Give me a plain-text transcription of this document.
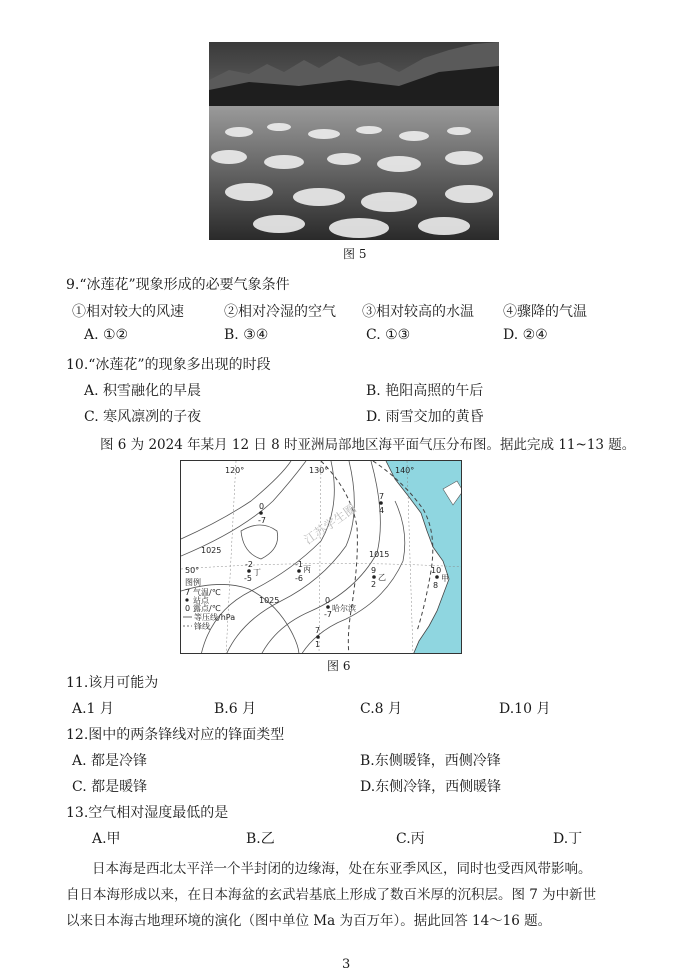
图 5
9.“冰莲花”现象形成的必要气象条件
①相对较大的风速	②相对冷湿的空气 ③相对较高的水温 ④骤降的气温
A. ①②	B. ③④	C. ①③	D. ②④
10.“冰莲花”的现象多出现的时段
A. 积雪融化的早晨	B. 艳阳高照的午后
C. 寒风凛冽的子夜	D. 雨雪交加的黄昏
图 6 为 2024 年某月 12 日 8 时亚洲局部地区海平面气压分布图。据此完成 11~13 题。
120°	130°	140°
50°
1025	1015
1025
江苏学生圈
0
-7
7
4
-2
丁
-5
-1
丙
-6
9
乙
2
10
甲
8
0
哈尔滨
-7
7
1
图例
7 气温/℃
站点
0 露点/℃
等压线/hPa
锋线
图 6
11.该月可能为
A.1 月	B.6 月	C.8 月	D.10 月
12.图中的两条锋线对应的锋面类型
A. 都是冷锋	B.东侧暖锋，西侧冷锋
C. 都是暖锋	D.东侧冷锋，西侧暖锋
13.空气相对湿度最低的是
A.甲	B.乙	C.丙	D.丁
日本海是西北太平洋一个半封闭的边缘海，处在东亚季风区，同时也受西风带影响。
自日本海形成以来，在日本海盆的玄武岩基底上形成了数百米厚的沉积层。图 7 为中新世
以来日本海古地理环境的演化（图中单位 Ma 为百万年）。据此回答 14～16 题。
3
